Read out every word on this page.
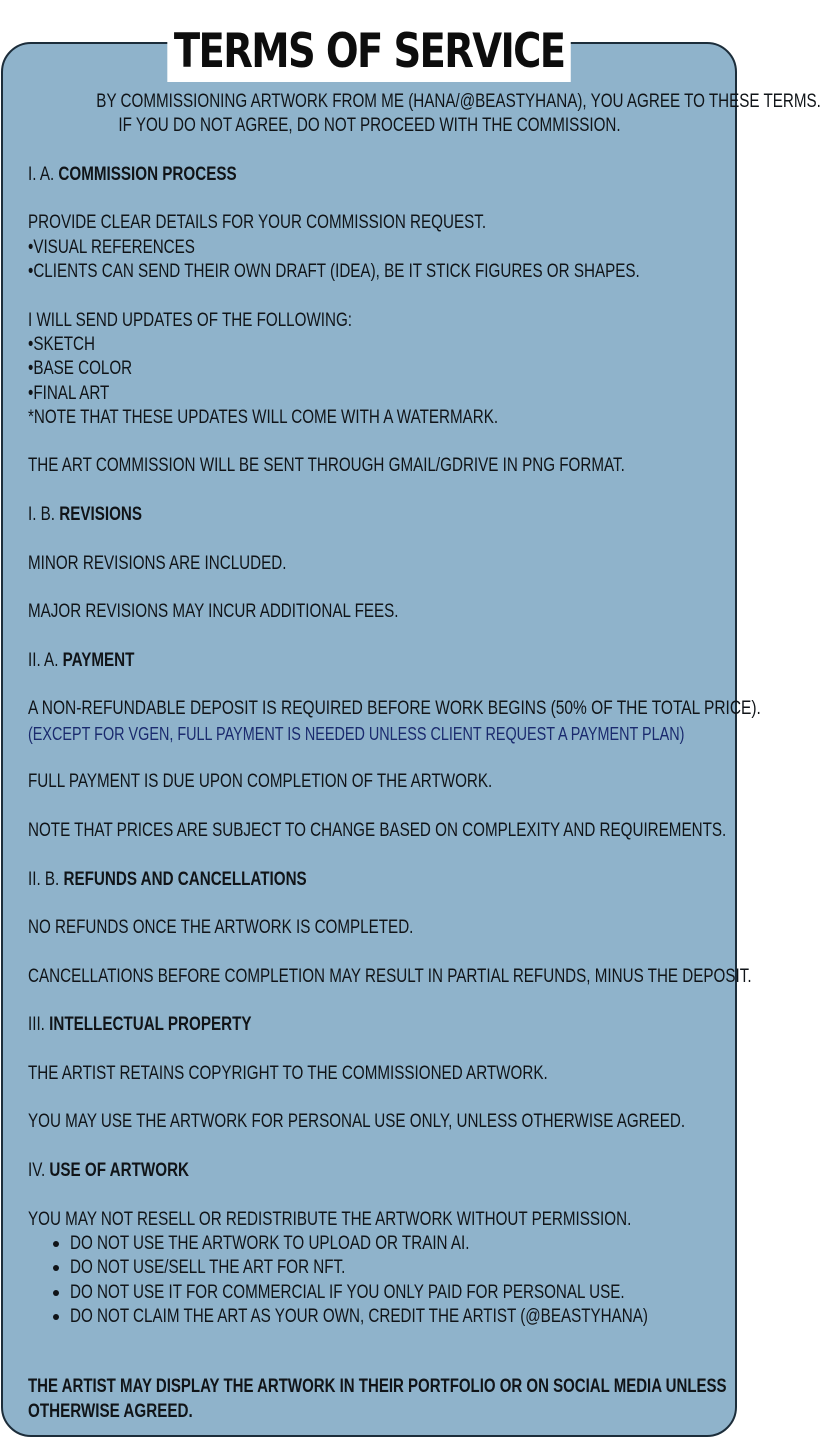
TERMS OF SERVICE
BY COMMISSIONING ARTWORK FROM ME (HANA/@BEASTYHANA), YOU AGREE TO THESE TERMS.
IF YOU DO NOT AGREE, DO NOT PROCEED WITH THE COMMISSION.
I. A. COMMISSION PROCESS
PROVIDE CLEAR DETAILS FOR YOUR COMMISSION REQUEST.
•VISUAL REFERENCES
•CLIENTS CAN SEND THEIR OWN DRAFT (IDEA), BE IT STICK FIGURES OR SHAPES.
I WILL SEND UPDATES OF THE FOLLOWING:
•SKETCH
•BASE COLOR
•FINAL ART
*NOTE THAT THESE UPDATES WILL COME WITH A WATERMARK.
THE ART COMMISSION WILL BE SENT THROUGH GMAIL/GDRIVE IN PNG FORMAT.
I. B. REVISIONS
MINOR REVISIONS ARE INCLUDED.
MAJOR REVISIONS MAY INCUR ADDITIONAL FEES.
II. A. PAYMENT
A NON-REFUNDABLE DEPOSIT IS REQUIRED BEFORE WORK BEGINS (50% OF THE TOTAL PRICE).
(EXCEPT FOR VGEN, FULL PAYMENT IS NEEDED UNLESS CLIENT REQUEST A PAYMENT PLAN)
FULL PAYMENT IS DUE UPON COMPLETION OF THE ARTWORK.
NOTE THAT PRICES ARE SUBJECT TO CHANGE BASED ON COMPLEXITY AND REQUIREMENTS.
II. B. REFUNDS AND CANCELLATIONS
NO REFUNDS ONCE THE ARTWORK IS COMPLETED.
CANCELLATIONS BEFORE COMPLETION MAY RESULT IN PARTIAL REFUNDS, MINUS THE DEPOSIT.
III. INTELLECTUAL PROPERTY
THE ARTIST RETAINS COPYRIGHT TO THE COMMISSIONED ARTWORK.
YOU MAY USE THE ARTWORK FOR PERSONAL USE ONLY, UNLESS OTHERWISE AGREED.
IV. USE OF ARTWORK
YOU MAY NOT RESELL OR REDISTRIBUTE THE ARTWORK WITHOUT PERMISSION.
DO NOT USE THE ARTWORK TO UPLOAD OR TRAIN AI.
DO NOT USE/SELL THE ART FOR NFT.
DO NOT USE IT FOR COMMERCIAL IF YOU ONLY PAID FOR PERSONAL USE.
DO NOT CLAIM THE ART AS YOUR OWN, CREDIT THE ARTIST (@BEASTYHANA)
THE ARTIST MAY DISPLAY THE ARTWORK IN THEIR PORTFOLIO OR ON SOCIAL MEDIA UNLESS
OTHERWISE AGREED.
